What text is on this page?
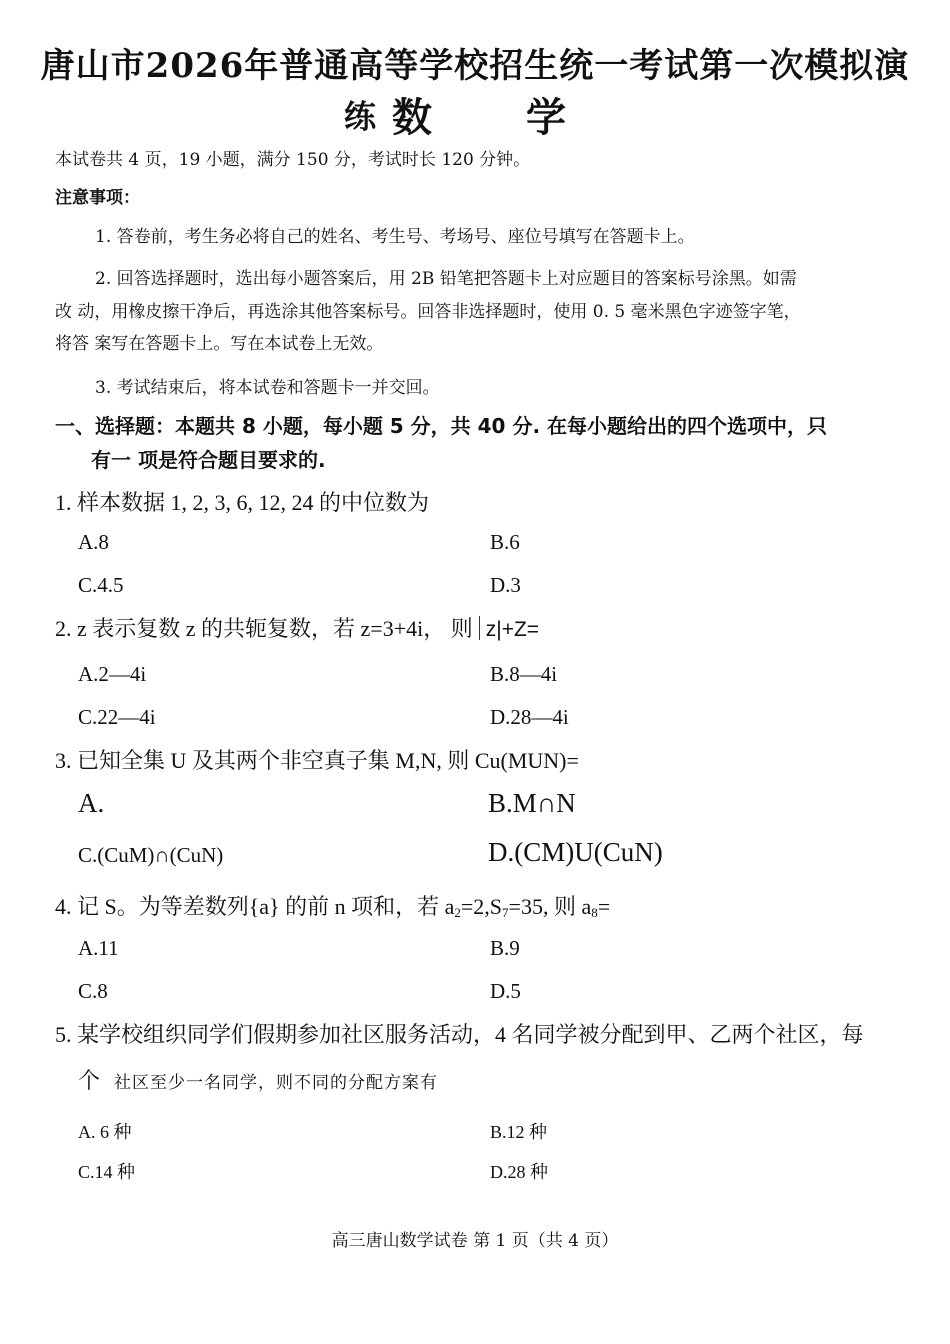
唐山市2026年普通高等学校招生统一考试第一次模拟演
练 数 学
本试卷共 4 页，19 小题，满分 150 分，考试时长 120 分钟。
注意事项：
1. 答卷前，考生务必将自己的姓名、考生号、考场号、座位号填写在答题卡上。
2. 回答选择题时，选出每小题答案后，用 2B 铅笔把答题卡上对应题目的答案标号涂黑。如需
改 动，用橡皮擦干净后，再选涂其他答案标号。回答非选择题时，使用 0. 5 毫米黑色字迹签字笔，
将答 案写在答题卡上。写在本试卷上无效。
3. 考试结束后，将本试卷和答题卡一并交回。
一、选择题：本题共 8 小题，每小题 5 分，共 40 分. 在每小题给出的四个选项中，只
有一 项是符合题目要求的.
1. 样本数据 1, 2, 3, 6, 12, 24 的中位数为
A.8	B.6
C.4.5	D.3
2. z 表示复数 z 的共轭复数，若 z=3+4i， 则 z|+Z=
A.2—4i	B.8—4i
C.22—4i	D.28—4i
3. 已知全集 U 及其两个非空真子集 M,N, 则 Cu(MUN)=
A.	B.M∩N
C.(CuM)∩(CuN)	D.(CM)U(CuN)
4. 记 S。为等差数列{a} 的前 n 项和，若 $a_2=2,S_7=35$, 则 $a_8=$
A.11	B.9
C.8	D.5
5. 某学校组织同学们假期参加社区服务活动，4 名同学被分配到甲、乙两个社区，每
个 社区至少一名同学，则不同的分配方案有
A. 6 种	B.12 种
C.14 种	D.28 种
高三唐山数学试卷 第 1 页（共 4 页）
